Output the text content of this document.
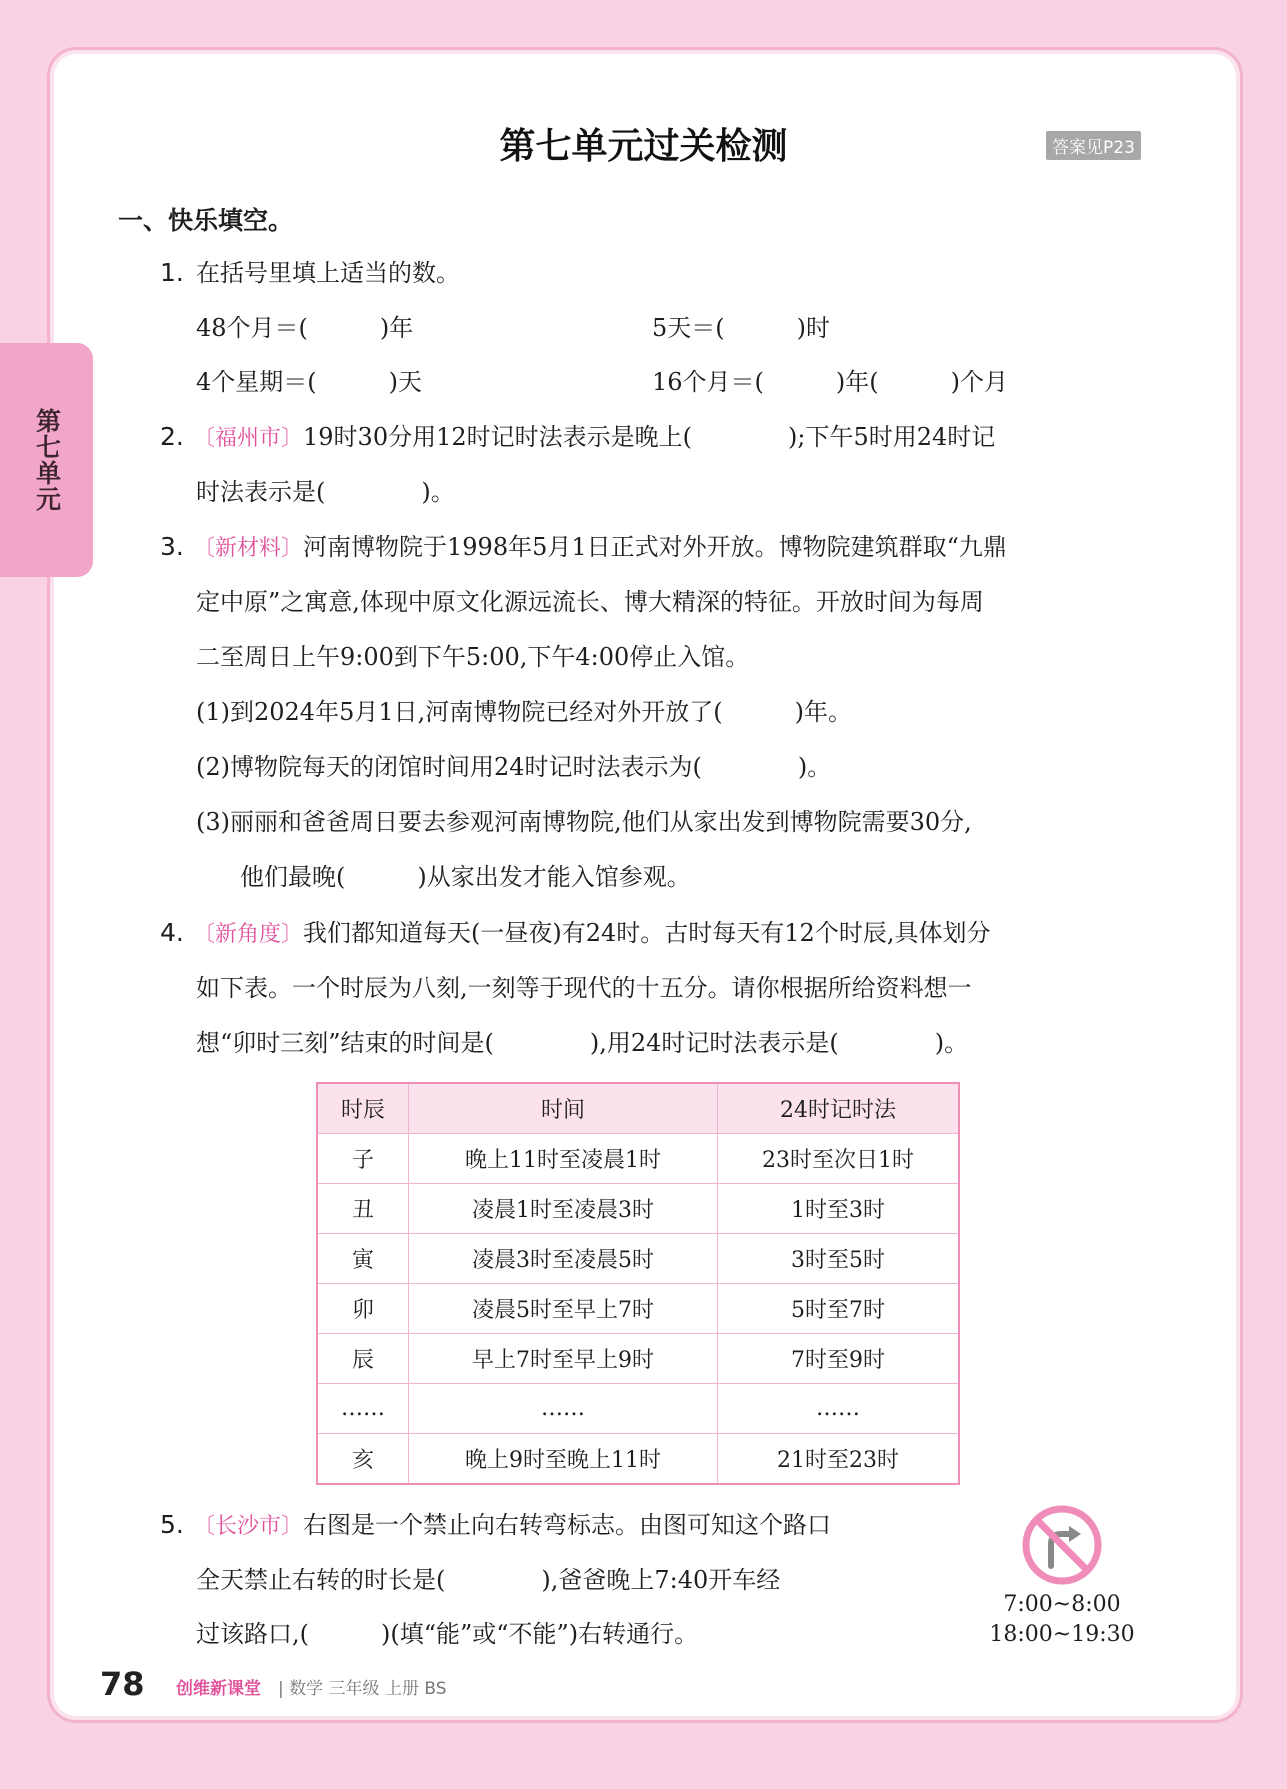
第七单元
第七单元过关检测	答案见P23
一、快乐填空。
1. 在括号里填上适当的数。
48个月＝(　　　)年	5天＝(　　　)时
4个星期＝(　　　)天	16个月＝(　　　)年(　　　)个月
2. 〔福州市〕19时30分用12时记时法表示是晚上(　　　　);下午5时用24时记
时法表示是(　　　　)。
3. 〔新材料〕河南博物院于1998年5月1日正式对外开放。博物院建筑群取“九鼎
定中原”之寓意,体现中原文化源远流长、博大精深的特征。开放时间为每周
二至周日上午9:00到下午5:00,下午4:00停止入馆。
(1)到2024年5月1日,河南博物院已经对外开放了(　　　)年。
(2)博物院每天的闭馆时间用24时记时法表示为(　　　　)。
(3)丽丽和爸爸周日要去参观河南博物院,他们从家出发到博物院需要30分,
他们最晚(　　　)从家出发才能入馆参观。
4. 〔新角度〕我们都知道每天(一昼夜)有24时。古时每天有12个时辰,具体划分
如下表。一个时辰为八刻,一刻等于现代的十五分。请你根据所给资料想一
想“卯时三刻”结束的时间是(　　　　),用24时记时法表示是(　　　　)。
时辰	时间	24时记时法
子	晚上11时至凌晨1时	23时至次日1时
丑	凌晨1时至凌晨3时	1时至3时
寅	凌晨3时至凌晨5时	3时至5时
卯	凌晨5时至早上7时	5时至7时
辰	早上7时至早上9时	7时至9时
……	……	……
亥	晚上9时至晚上11时	21时至23时
5. 〔长沙市〕右图是一个禁止向右转弯标志。由图可知这个路口
全天禁止右转的时长是(　　　　),爸爸晚上7:40开车经
过该路口,(　　　)(填“能”或“不能”)右转通行。
7:00~8:00
18:00~19:30
78 创维新课堂 | 数学 三年级 上册 BS
